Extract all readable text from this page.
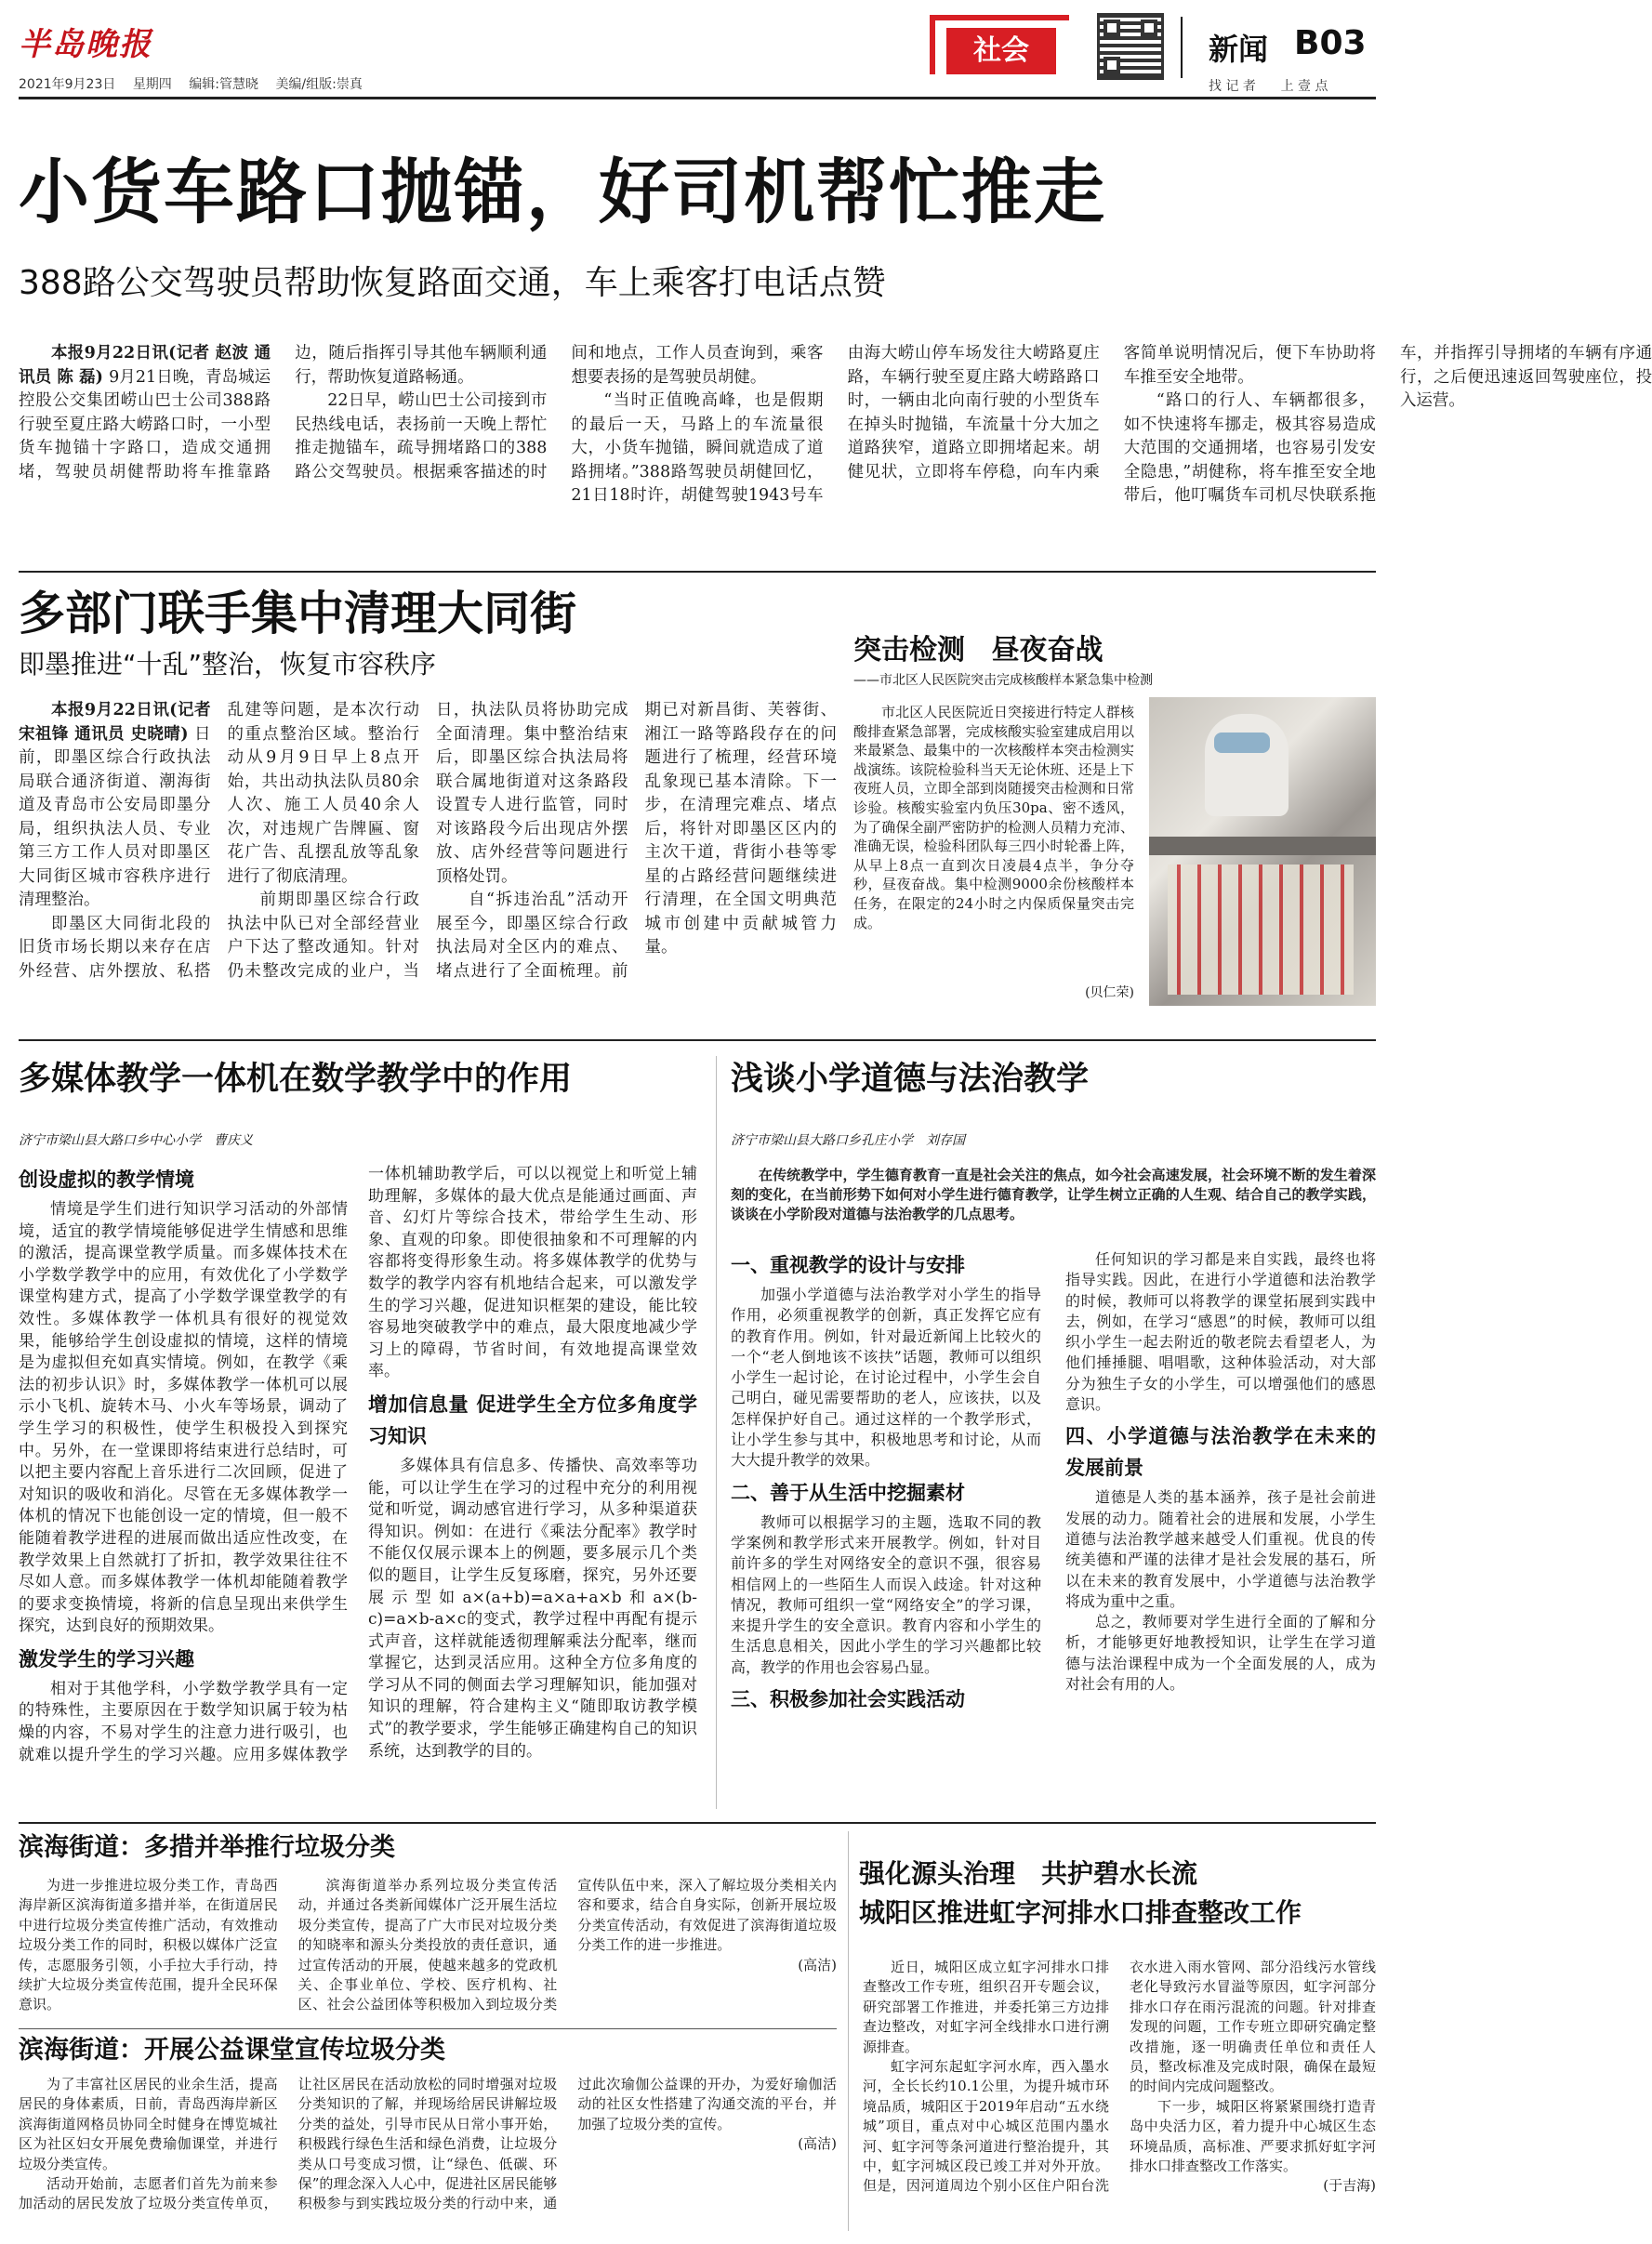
半岛晚报
2021年9月23日　 星期四　 编辑:管慧晓　 美编/组版:崇真
社会	新闻 B03
找 记 者      上 壹 点
小货车路口抛锚，好司机帮忙推走
388路公交驾驶员帮助恢复路面交通，车上乘客打电话点赞

本报9月22日讯(记者 赵波 通讯员 陈 磊) 9月21日晚，青岛城运控股公交集团崂山巴士公司388路行驶至夏庄路大崂路口时，一小型货车抛锚十字路口，造成交通拥堵，驾驶员胡健帮助将车推靠路边，随后指挥引导其他车辆顺利通行，帮助恢复道路畅通。

22日早，崂山巴士公司接到市民热线电话，表扬前一天晚上帮忙推走抛锚车，疏导拥堵路口的388路公交驾驶员。根据乘客描述的时间和地点，工作人员查询到，乘客想要表扬的是驾驶员胡健。

“当时正值晚高峰，也是假期的最后一天，马路上的车流量很大，小货车抛锚，瞬间就造成了道路拥堵。”388路驾驶员胡健回忆，21日18时许，胡健驾驶1943号车由海大崂山停车场发往大崂路夏庄路，车辆行驶至夏庄路大崂路路口时，一辆由北向南行驶的小型货车在掉头时抛锚，车流量十分大加之道路狭窄，道路立即拥堵起来。胡健见状，立即将车停稳，向车内乘客简单说明情况后，便下车协助将车推至安全地带。

“路口的行人、车辆都很多，如不快速将车挪走，极其容易造成大范围的交通拥堵，也容易引发安全隐患，”胡健称，将车推至安全地带后，他叮嘱货车司机尽快联系拖车，并指挥引导拥堵的车辆有序通行，之后便迅速返回驾驶座位，投入运营。

多部门联手集中清理大同街
即墨推进“十乱”整治，恢复市容秩序

本报9月22日讯(记者 宋祖锋 通讯员 史晓晴) 日前，即墨区综合行政执法局联合通济街道、潮海街道及青岛市公安局即墨分局，组织执法人员、专业第三方工作人员对即墨区大同街区城市容秩序进行清理整治。

即墨区大同街北段的旧货市场长期以来存在店外经营、店外摆放、私搭乱建等问题，是本次行动的重点整治区域。整治行动从9月9日早上8点开始，共出动执法队员80余人次、施工人员40余人次，对违规广告牌匾、窗花广告、乱摆乱放等乱象进行了彻底清理。

前期即墨区综合行政执法中队已对全部经营业户下达了整改通知。针对仍未整改完成的业户，当日，执法队员将协助完成全面清理。集中整治结束后，即墨区综合执法局将联合属地街道对这条路段设置专人进行监管，同时对该路段今后出现店外摆放、店外经营等问题进行顶格处罚。

自“拆违治乱”活动开展至今，即墨区综合行政执法局对全区内的难点、堵点进行了全面梳理。前期已对新昌街、芙蓉街、湘江一路等路段存在的问题进行了梳理，经营环境乱象现已基本清除。下一步，在清理完难点、堵点后，将针对即墨区区内的主次干道，背街小巷等零星的占路经营问题继续进行清理，在全国文明典范城市创建中贡献城管力量。

突击检测 昼夜奋战
——市北区人民医院突击完成核酸样本紧急集中检测

市北区人民医院近日突接进行特定人群核酸排查紧急部署，完成核酸实验室建成启用以来最紧急、最集中的一次核酸样本突击检测实战演练。该院检验科当天无论休班、还是上下夜班人员，立即全部到岗随援突击检测和日常诊验。核酸实验室内负压30pa、密不透风，为了确保全副严密防护的检测人员精力充沛、准确无误，检验科团队每三四小时轮番上阵，从早上8点一直到次日凌晨4点半，争分夺秒，昼夜奋战。集中检测9000余份核酸样本任务，在限定的24小时之内保质保量突击完成。

(贝仁荣)
多媒体教学一体机在数学教学中的作用
济宁市梁山县大路口乡中心小学　曹庆义
创设虚拟的教学情境

情境是学生们进行知识学习活动的外部情境，适宜的教学情境能够促进学生情感和思维的激活，提高课堂教学质量。而多媒体技术在小学数学教学中的应用，有效优化了小学数学课堂构建方式，提高了小学数学课堂教学的有效性。多媒体教学一体机具有很好的视觉效果，能够给学生创设虚拟的情境，这样的情境是为虚拟但充如真实情境。例如，在教学《乘法的初步认识》时，多媒体教学一体机可以展示小飞机、旋转木马、小火车等场景，调动了学生学习的积极性，使学生积极投入到探究中。另外，在一堂课即将结束进行总结时，可以把主要内容配上音乐进行二次回顾，促进了对知识的吸收和消化。尽管在无多媒体教学一体机的情况下也能创设一定的情境，但一般不能随着教学进程的进展而做出适应性改变，在教学效果上自然就打了折扣，教学效果往往不尽如人意。而多媒体教学一体机却能随着教学的要求变换情境，将新的信息呈现出来供学生探究，达到良好的预期效果。

激发学生的学习兴趣

相对于其他学科，小学数学教学具有一定的特殊性，主要原因在于数学知识属于较为枯燥的内容，不易对学生的注意力进行吸引，也就难以提升学生的学习兴趣。应用多媒体教学一体机辅助教学后，可以以视觉上和听觉上辅助理解，多媒体的最大优点是能通过画面、声音、幻灯片等综合技术，带给学生生动、形象、直观的印象。即使很抽象和不可理解的内容都将变得形象生动。将多媒体教学的优势与数学的教学内容有机地结合起来，可以激发学生的学习兴趣，促进知识框架的建设，能比较容易地突破教学中的难点，最大限度地减少学习上的障碍，节省时间，有效地提高课堂效率。

增加信息量 促进学生全方位多角度学习知识

多媒体具有信息多、传播快、高效率等功能，可以让学生在学习的过程中充分的利用视觉和听觉，调动感官进行学习，从多种渠道获得知识。例如：在进行《乘法分配率》教学时不能仅仅展示课本上的例题，要多展示几个类似的题目，让学生反复琢磨，探究，另外还要展示型如a×(a+b)=a×a+a×b和a×(b-c)=a×b-a×c的变式，教学过程中再配有提示式声音，这样就能透彻理解乘法分配率，继而掌握它，达到灵活应用。这种全方位多角度的学习从不同的侧面去学习理解知识，能加强对知识的理解，符合建构主义“随即取访教学模式”的教学要求，学生能够正确建构自己的知识系统，达到教学的目的。

浅谈小学道德与法治教学
济宁市梁山县大路口乡孔庄小学　刘存国
在传统教学中，学生德育教育一直是社会关注的焦点，如今社会高速发展，社会环境不断的发生着深刻的变化，在当前形势下如何对小学生进行德育教学，让学生树立正确的人生观、结合自己的教学实践，谈谈在小学阶段对道德与法治教学的几点思考。
一、重视教学的设计与安排

加强小学道德与法治教学对小学生的指导作用，必须重视教学的创新，真正发挥它应有的教育作用。例如，针对最近新闻上比较火的一个“老人倒地该不该扶”话题，教师可以组织小学生一起讨论，在讨论过程中，小学生会自己明白，碰见需要帮助的老人，应该扶，以及怎样保护好自己。通过这样的一个教学形式，让小学生参与其中，积极地思考和讨论，从而大大提升教学的效果。

二、善于从生活中挖掘素材

教师可以根据学习的主题，选取不同的教学案例和教学形式来开展教学。例如，针对目前许多的学生对网络安全的意识不强，很容易相信网上的一些陌生人而误入歧途。针对这种情况，教师可组织一堂“网络安全”的学习课，来提升学生的安全意识。教育内容和小学生的生活息息相关，因此小学生的学习兴趣都比较高，教学的作用也会容易凸显。

三、积极参加社会实践活动

任何知识的学习都是来自实践，最终也将指导实践。因此，在进行小学道德和法治教学的时候，教师可以将教学的课堂拓展到实践中去，例如，在学习“感恩”的时候，教师可以组织小学生一起去附近的敬老院去看望老人，为他们捶捶腿、唱唱歌，这种体验活动，对大部分为独生子女的小学生，可以增强他们的感恩意识。

四、小学道德与法治教学在未来的发展前景

道德是人类的基本涵养，孩子是社会前进发展的动力。随着社会的进展和发展，小学生道德与法治教学越来越受人们重视。优良的传统美德和严谨的法律才是社会发展的基石，所以在未来的教育发展中，小学道德与法治教学将成为重中之重。

总之，教师要对学生进行全面的了解和分析，才能够更好地教授知识，让学生在学习道德与法治课程中成为一个全面发展的人，成为对社会有用的人。

滨海街道：多措并举推行垃圾分类

为进一步推进垃圾分类工作，青岛西海岸新区滨海街道多措并举，在街道居民中进行垃圾分类宣传推广活动，有效推动垃圾分类工作的同时，积极以媒体广泛宣传，志愿服务引领，小手拉大手行动，持续扩大垃圾分类宣传范围，提升全民环保意识。

滨海街道举办系列垃圾分类宣传活动，并通过各类新闻媒体广泛开展生活垃圾分类宣传，提高了广大市民对垃圾分类的知晓率和源头分类投放的责任意识，通过宣传活动的开展，使越来越多的党政机关、企事业单位、学校、医疗机构、社区、社会公益团体等积极加入到垃圾分类宣传队伍中来，深入了解垃圾分类相关内容和要求，结合自身实际，创新开展垃圾分类宣传活动，有效促进了滨海街道垃圾分类工作的进一步推进。

(高洁)

滨海街道：开展公益课堂宣传垃圾分类

为了丰富社区居民的业余生活，提高居民的身体素质，日前，青岛西海岸新区滨海街道网格员协同全时健身在博览城社区为社区妇女开展免费瑜伽课堂，并进行垃圾分类宣传。

活动开始前，志愿者们首先为前来参加活动的居民发放了垃圾分类宣传单页，让社区居民在活动放松的同时增强对垃圾分类知识的了解，并现场给居民讲解垃圾分类的益处，引导市民从日常小事开始，积极践行绿色生活和绿色消费，让垃圾分类从口号变成习惯，让“绿色、低碳、环保”的理念深入人心中，促进社区居民能够积极参与到实践垃圾分类的行动中来，通过此次瑜伽公益课的开办，为爱好瑜伽活动的社区女性搭建了沟通交流的平台，并加强了垃圾分类的宣传。

(高洁)

强化源头治理　共护碧水长流
城阳区推进虹字河排水口排查整改工作

近日，城阳区成立虹字河排水口排查整改工作专班，组织召开专题会议，研究部署工作推进，并委托第三方边排查边整改，对虹字河全线排水口进行溯源排查。

虹字河东起虹字河水库，西入墨水河，全长长约10.1公里，为提升城市环境品质，城阳区于2019年启动“五水绕城”项目，重点对中心城区范围内墨水河、虹字河等条河道进行整治提升，其中，虹字河城区段已竣工并对外开放。但是，因河道周边个别小区住户阳台洗衣水进入雨水管网、部分沿线污水管线老化导致污水冒溢等原因，虹字河部分排水口存在雨污混流的问题。针对排查发现的问题，工作专班立即研究确定整改措施，逐一明确责任单位和责任人员，整改标准及完成时限，确保在最短的时间内完成问题整改。

下一步，城阳区将紧紧围绕打造青岛中央活力区，着力提升中心城区生态环境品质，高标准、严要求抓好虹字河排水口排查整改工作落实。

(于吉海)
